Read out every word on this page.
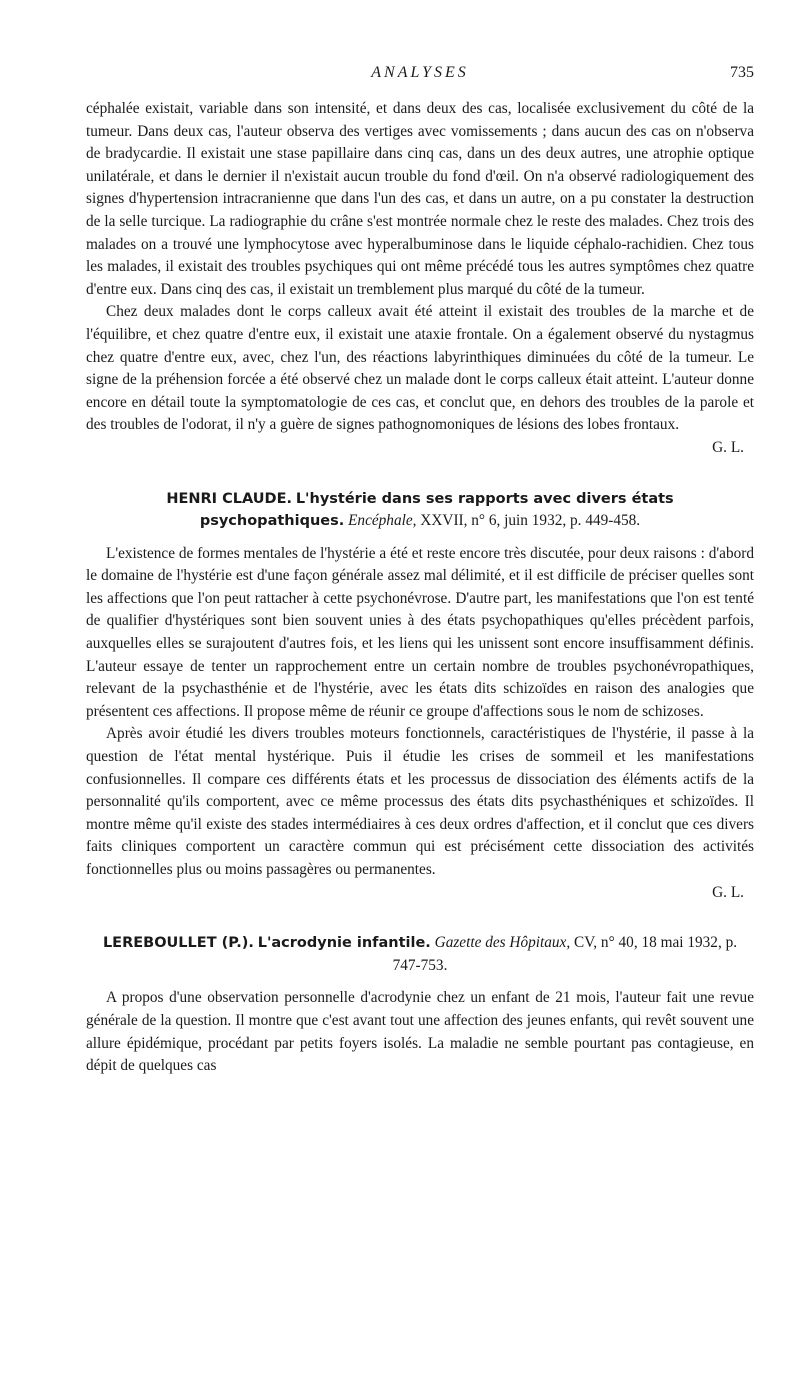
ANALYSES	735

céphalée existait, variable dans son intensité, et dans deux des cas, localisée exclusivement du côté de la tumeur. Dans deux cas, l'auteur observa des vertiges avec vomissements ; dans aucun des cas on n'observa de bradycardie. Il existait une stase papillaire dans cinq cas, dans un des deux autres, une atrophie optique unilatérale, et dans le dernier il n'existait aucun trouble du fond d'œil. On n'a observé radiologiquement des signes d'hypertension intracranienne que dans l'un des cas, et dans un autre, on a pu constater la destruction de la selle turcique. La radiographie du crâne s'est montrée normale chez le reste des malades. Chez trois des malades on a trouvé une lymphocytose avec hyperalbuminose dans le liquide céphalo-rachidien. Chez tous les malades, il existait des troubles psychiques qui ont même précédé tous les autres symptômes chez quatre d'entre eux. Dans cinq des cas, il existait un tremblement plus marqué du côté de la tumeur.

Chez deux malades dont le corps calleux avait été atteint il existait des troubles de la marche et de l'équilibre, et chez quatre d'entre eux, il existait une ataxie frontale. On a également observé du nystagmus chez quatre d'entre eux, avec, chez l'un, des réactions labyrinthiques diminuées du côté de la tumeur. Le signe de la préhension forcée a été observé chez un malade dont le corps calleux était atteint. L'auteur donne encore en détail toute la symptomatologie de ces cas, et conclut que, en dehors des troubles de la parole et des troubles de l'odorat, il n'y a guère de signes pathognomoniques de lésions des lobes frontaux.

G. L.

HENRI CLAUDE. L'hystérie dans ses rapports avec divers états psychopathiques. Encéphale, XXVII, n° 6, juin 1932, p. 449-458.

L'existence de formes mentales de l'hystérie a été et reste encore très discutée, pour deux raisons : d'abord le domaine de l'hystérie est d'une façon générale assez mal délimité, et il est difficile de préciser quelles sont les affections que l'on peut rattacher à cette psychonévrose. D'autre part, les manifestations que l'on est tenté de qualifier d'hystériques sont bien souvent unies à des états psychopathiques qu'elles précèdent parfois, auxquelles elles se surajoutent d'autres fois, et les liens qui les unissent sont encore insuffisamment définis. L'auteur essaye de tenter un rapprochement entre un certain nombre de troubles psychonévropathiques, relevant de la psychasthénie et de l'hystérie, avec les états dits schizoïdes en raison des analogies que présentent ces affections. Il propose même de réunir ce groupe d'affections sous le nom de schizoses.

Après avoir étudié les divers troubles moteurs fonctionnels, caractéristiques de l'hystérie, il passe à la question de l'état mental hystérique. Puis il étudie les crises de sommeil et les manifestations confusionnelles. Il compare ces différents états et les processus de dissociation des éléments actifs de la personnalité qu'ils comportent, avec ce même processus des états dits psychasthéniques et schizoïdes. Il montre même qu'il existe des stades intermédiaires à ces deux ordres d'affection, et il conclut que ces divers faits cliniques comportent un caractère commun qui est précisément cette dissociation des activités fonctionnelles plus ou moins passagères ou permanentes.

G. L.

LEREBOULLET (P.). L'acrodynie infantile. Gazette des Hôpitaux, CV, n° 40, 18 mai 1932, p. 747-753.

A propos d'une observation personnelle d'acrodynie chez un enfant de 21 mois, l'auteur fait une revue générale de la question. Il montre que c'est avant tout une affection des jeunes enfants, qui revêt souvent une allure épidémique, procédant par petits foyers isolés. La maladie ne semble pourtant pas contagieuse, en dépit de quelques cas
